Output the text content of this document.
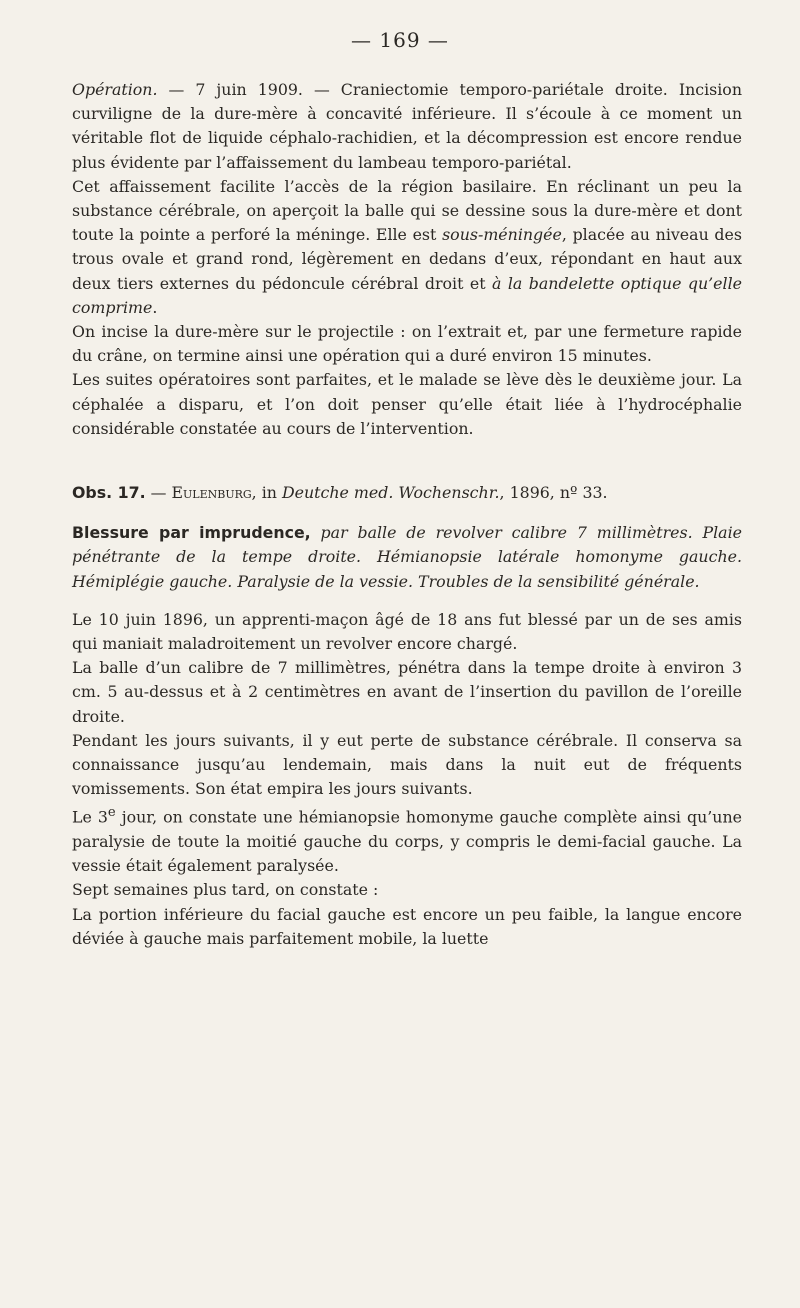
— 169 —

Opération. — 7 juin 1909. — Craniectomie temporo-pariétale droite. Incision curviligne de la dure-mère à concavité inférieure. Il s’écoule à ce moment un véritable flot de liquide céphalo-rachidien, et la décompression est encore rendue plus évidente par l’affaissement du lambeau temporo-pariétal.

Cet affaissement facilite l’accès de la région basilaire. En réclinant un peu la substance cérébrale, on aperçoit la balle qui se dessine sous la dure-mère et dont toute la pointe a perforé la méninge. Elle est sous-méningée, placée au niveau des trous ovale et grand rond, légèrement en dedans d’eux, répondant en haut aux deux tiers externes du pédoncule cérébral droit et à la bandelette optique qu’elle comprime.

On incise la dure-mère sur le projectile : on l’extrait et, par une fermeture rapide du crâne, on termine ainsi une opération qui a duré environ 15 minutes.

Les suites opératoires sont parfaites, et le malade se lève dès le deuxième jour. La céphalée a disparu, et l’on doit penser qu’elle était liée à l’hydrocéphalie considérable constatée au cours de l’intervention.

Obs. 17. — Eulenburg, in Deutche med. Wochenschr., 1896, nº 33.

Blessure par imprudence, par balle de revolver calibre 7 millimètres. Plaie pénétrante de la tempe droite. Hémianopsie latérale homonyme gauche. Hémiplégie gauche. Paralysie de la vessie. Troubles de la sensibilité générale.

Le 10 juin 1896, un apprenti-maçon âgé de 18 ans fut blessé par un de ses amis qui maniait maladroitement un revolver encore chargé.

La balle d’un calibre de 7 millimètres, pénétra dans la tempe droite à environ 3 cm. 5 au-dessus et à 2 centimètres en avant de l’insertion du pavillon de l’oreille droite.

Pendant les jours suivants, il y eut perte de substance cérébrale. Il conserva sa connaissance jusqu’au lendemain, mais dans la nuit eut de fréquents vomissements. Son état empira les jours suivants.

Le 3e jour, on constate une hémianopsie homonyme gauche complète ainsi qu’une paralysie de toute la moitié gauche du corps, y compris le demi-facial gauche. La vessie était également paralysée.

Sept semaines plus tard, on constate :

La portion inférieure du facial gauche est encore un peu faible, la langue encore déviée à gauche mais parfaitement mobile, la luette
